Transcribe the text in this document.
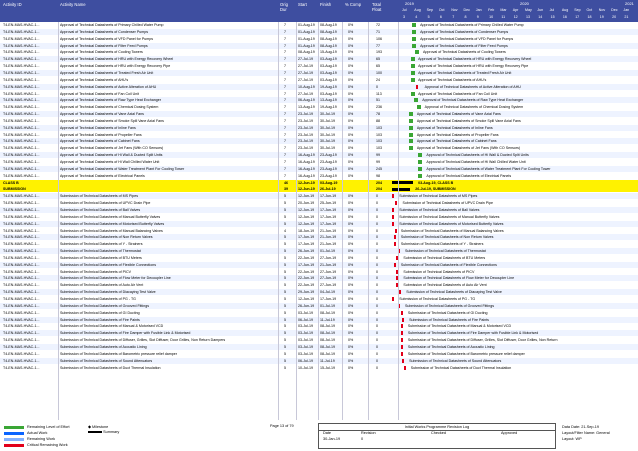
Activity ID	Activity Name	Orig Dur
Start	Finish	% Comp	Total Float
2019	2020	2021
Jul
3
Aug
4
Sep
5
Oct
6
Nov
7
Dec
8
Jan
9
Feb
10
Mar
11
Apr
12
May
13
Jun
14
Jul
15
Aug
16
Sep
17
Oct
18
Nov
19
Dec
20
Jan
21
T4-EN-MAS-HVAC-1...	Approval of Technical Datasheets of Primary Chilled Water Pump	7	01-Aug-19	08-Aug-19	0%	72	Approval of Technical Datasheets of Primary Chilled Water Pump
T4-EN-MAS-HVAC-1...	Approval of Technical Datasheets of Condenser Pumps	7	01-Aug-19	08-Aug-19	0%	71	Approval of Technical Datasheets of Condenser Pumps
T4-EN-MAS-HVAC-1...	Approval of Technical Datasheets of VFD Panel for Pumps	7	01-Aug-19	08-Aug-19	0%	106	Approval of Technical Datasheets of VFD Panel for Pumps
T4-EN-MAS-HVAC-1...	Approval of Technical Datasheets of Filter Feed Pumps	7	01-Aug-19	08-Aug-19	0%	77	Approval of Technical Datasheets of Filter Feed Pumps
T4-EN-MAS-HVAC-1...	Approval of Technical Datasheets of Cooling Towers	7	08-Aug-19	15-Aug-19	0%	193	Approval of Technical Datasheets of Cooling Towers
T4-EN-MAS-HVAC-1...	Approval of Technical Datasheets of HRU with Energy Recovery Wheel	7	27-Jul-19	03-Aug-19	0%	65	Approval of Technical Datasheets of HRU with Energy Recovery Wheel
T4-EN-MAS-HVAC-1...	Approval of Technical Datasheets of HRU with Energy Recovery Pipe	7	27-Jul-19	03-Aug-19	0%	65	Approval of Technical Datasheets of HRU with Energy Recovery Pipe
T4-EN-MAS-HVAC-1...	Approval of Technical Datasheets of Treated Fresh Air Unit	7	27-Jul-19	03-Aug-19	0%	100	Approval of Technical Datasheets of Treated Fresh Air Unit
T4-EN-MAS-HVAC-1...	Approval of Technical Datasheets of AHU's	7	27-Jul-19	03-Aug-19	0%	24	Approval of Technical Datasheets of AHU's
T4-EN-MAS-HVAC-1...	Approval of Technical Datasheets of Active Alteration of AHU	7	10-Aug-19	19-Aug-19	0%	0	Approval of Technical Datasheets of Active Alteration of AHU
T4-EN-MAS-HVAC-1...	Approval of Technical Datasheets of Fan Coil Unit	7	27-Jul-19	03-Aug-19	0%	113	Approval of Technical Datasheets of Fan Coil Unit
T4-EN-MAS-HVAC-1...	Approval of Technical Datasheets of Raw Type Heat Exchanger	7	06-Aug-19	13-Aug-19	0%	51	Approval of Technical Datasheets of Raw Type Heat Exchanger
T4-EN-MAS-HVAC-1...	Approval of Technical Datasheets of Chemical Dosing System	7	13-Aug-19	19-Aug-19	0%	236	Approval of Technical Datasheets of Chemical Dosing System
T4-EN-MAS-HVAC-1...	Approval of Technical Datasheets of Vane Axial Fans	7	23-Jul-19	30-Jul-19	0%	78	Approval of Technical Datasheets of Vane Axial Fans
T4-EN-MAS-HVAC-1...	Approval of Technical Datasheets of Smoke Spill Vane Axial Fans	7	23-Jul-19	30-Jul-19	0%	88	Approval of Technical Datasheets of Smoke Spill Vane Axial Fans
T4-EN-MAS-HVAC-1...	Approval of Technical Datasheets of Inline Fans	7	23-Jul-19	30-Jul-19	0%	103	Approval of Technical Datasheets of Inline Fans
T4-EN-MAS-HVAC-1...	Approval of Technical Datasheets of Propeller Fans	7	23-Jul-19	30-Jul-19	0%	103	Approval of Technical Datasheets of Propeller Fans
T4-EN-MAS-HVAC-1...	Approval of Technical Datasheets of Cabinet Fans	7	23-Jul-19	30-Jul-19	0%	103	Approval of Technical Datasheets of Cabinet Fans
T4-EN-MAS-HVAC-1...	Approval of Technical Datasheets of Jet Fans (With CO Sensors)	7	23-Jul-19	30-Jul-19	0%	103	Approval of Technical Datasheets of Jet Fans (With CO Sensors)
T4-EN-MAS-HVAC-1...	Approval of Technical Datasheets of Hi Wall & Ducted Split Units	7	16-Aug-19	23-Aug-19	0%	99	Approval of Technical Datasheets of Hi Wall & Ducted Split Units
T4-EN-MAS-HVAC-1...	Approval of Technical Datasheets of Hi Wall Chilled Water Unit	7	16-Aug-19	23-Aug-19	0%	99	Approval of Technical Datasheets of Hi Wall Chilled Water Unit
T4-EN-MAS-HVAC-1...	Approval of Technical Datasheets of Water Treatment Plant For Cooling Tower	7	16-Aug-19	23-Aug-19	0%	245	Approval of Technical Datasheets of Water Treatment Plant For Cooling Tower
T4-EN-MAS-HVAC-1...	Approval of Technical Datasheets of Electrical Panels	7	16-Aug-19	23-Aug-19	0%	98	Approval of Technical Datasheets of Electrical Panels
CLASS B	46	12-Jun-19	03-Aug-19	204	03-Aug-19, CLASS B
SUBMISSION	39	12-Jun-19	26-Jul-19	204	26-Jul-19, SUBMISSION
T4-EN-MAS-HVAC-1...	Submission of Technical Datasheets of MS Pipes	5	12-Jun-19	17-Jun-19	0%	0	Submission of Technical Datasheets of MS Pipes
T4-EN-MAS-HVAC-1...	Submission of Technical Datasheets of UPVC Drain Pipe	5	20-Jun-19	25-Jun-19	0%	0	Submission of Technical Datasheets of UPVC Drain Pipe
T4-EN-MAS-HVAC-1...	Submission of Technical Datasheets of Ball Valves	5	12-Jun-19	17-Jun-19	0%	0	Submission of Technical Datasheets of Ball Valves
T4-EN-MAS-HVAC-1...	Submission of Technical Datasheets of Manual Butterfly Valves	5	12-Jun-19	17-Jun-19	0%	0	Submission of Technical Datasheets of Manual Butterfly Valves
T4-EN-MAS-HVAC-1...	Submission of Technical Datasheets of Motorised Butterfly Valves	5	12-Jun-19	17-Jun-19	0%	0	Submission of Technical Datasheets of Motorised Butterfly Valves
T4-EN-MAS-HVAC-1...	Submission of Technical Datasheets of Manual Balancing Valves	4	18-Jun-19	21-Jun-19	0%	0	Submission of Technical Datasheets of Manual Balancing Valves
T4-EN-MAS-HVAC-1...	Submission of Technical Datasheets of Non Return Valves	5	17-Jun-19	21-Jun-19	0%	0	Submission of Technical Datasheets of Non Return Valves
T4-EN-MAS-HVAC-1...	Submission of Technical Datasheets of Y - Strainers	5	17-Jun-19	21-Jun-19	0%	0	Submission of Technical Datasheets of Y - Strainers
T4-EN-MAS-HVAC-1...	Submission of Technical Datasheets of Thermostat	5	26-Jun-19	01-Jul-19	0%	0	Submission of Technical Datasheets of Thermostat
T4-EN-MAS-HVAC-1...	Submission of Technical Datasheets of BTU Meters	5	22-Jun-19	27-Jun-19	0%	0	Submission of Technical Datasheets of BTU Meters
T4-EN-MAS-HVAC-1...	Submission of Technical Datasheets of Flexible Connections	5	17-Jun-19	21-Jun-19	0%	0	Submission of Technical Datasheets of Flexible Connections
T4-EN-MAS-HVAC-1...	Submission of Technical Datasheets of PICV	5	22-Jun-19	27-Jun-19	0%	0	Submission of Technical Datasheets of PICV
T4-EN-MAS-HVAC-1...	Submission of Technical Datasheets of Flow Meter for Decoupler Line	5	22-Jun-19	27-Jun-19	0%	0	Submission of Technical Datasheets of Flow Meter for Decoupler Line
T4-EN-MAS-HVAC-1...	Submission of Technical Datasheets of Auto Air Vent	5	22-Jun-19	27-Jun-19	0%	0	Submission of Technical Datasheets of Auto Air Vent
T4-EN-MAS-HVAC-1...	Submission of Technical Datasheets of Diacaying Test Valve	5	29-Jun-19	04-Jul-19	0%	0	Submission of Technical Datasheets of Diacaying Test Valve
T4-EN-MAS-HVAC-1...	Submission of Technical Datasheets of PG - TG	5	12-Jun-19	17-Jun-19	0%	0	Submission of Technical Datasheets of PG - TG
T4-EN-MAS-HVAC-1...	Submission of Technical Datasheets of Grooved Fittings	5	26-Jun-19	01-Jul-19	0%	0	Submission of Technical Datasheets of Grooved Fittings
T4-EN-MAS-HVAC-1...	Submission of Technical Datasheets of GI Ducting	5	03-Jul-19	08-Jul-19	0%	0	Submission of Technical Datasheets of GI Ducting
T4-EN-MAS-HVAC-1...	Submission of Technical Datasheets of Fire Paints	5	06-Jul-19	11-Jul-19	0%	0	Submission of Technical Datasheets of Fire Paints
T4-EN-MAS-HVAC-1...	Submission of Technical Datasheets of Manual & Motorised VCD	5	03-Jul-19	08-Jul-19	0%	0	Submission of Technical Datasheets of Manual & Motorised VCD
T4-EN-MAS-HVAC-1...	Submission of Technical Datasheets of Fire Damper with Fusible Link & Motorised	5	03-Jul-19	08-Jul-19	0%	0	Submission of Technical Datasheets of Fire Damper with Fusible Link & Motorised
T4-EN-MAS-HVAC-1...	Submission of Technical Datasheets of Diffuser, Grilles, Slot Diffuser, Door Grilles, Non Return Dampers	5	03-Jul-19	08-Jul-19	0%	0	Submission of Technical Datasheets of Diffuser, Grilles, Slot Diffuser, Door Grilles, Non Return
T4-EN-MAS-HVAC-1...	Submission of Technical Datasheets of Acoustic Lining	5	03-Jul-19	08-Jul-19	0%	0	Submission of Technical Datasheets of Acoustic Lining
T4-EN-MAS-HVAC-1...	Submission of Technical Datasheets of Barometric pressure relief damper	5	03-Jul-19	08-Jul-19	0%	0	Submission of Technical Datasheets of Barometric pressure relief damper
T4-EN-MAS-HVAC-1...	Submission of Technical Datasheets of Sound Attenuators	5	06-Jul-19	11-Jul-19	0%	0	Submission of Technical Datasheets of Sound Attenuators
T4-EN-MAS-HVAC-1...	Submission of Technical Datasheets of Duct Thermal Insulation	5	10-Jul-19	15-Jul-19	0%	0	Submission of Technical Datasheets of Duct Thermal Insulation
Remaining Level of Effort
Actual Work
Remaining Work
Critical Remaining Work
◆ Milestone
Summary
Page 13 of 79	Initial Works Programme Revision Log
Date	Revision	Checked	Approved
30-Jan-19	0
Data Date: 21-Sep-19
Layout/Filter Name: General
Layout: WP
